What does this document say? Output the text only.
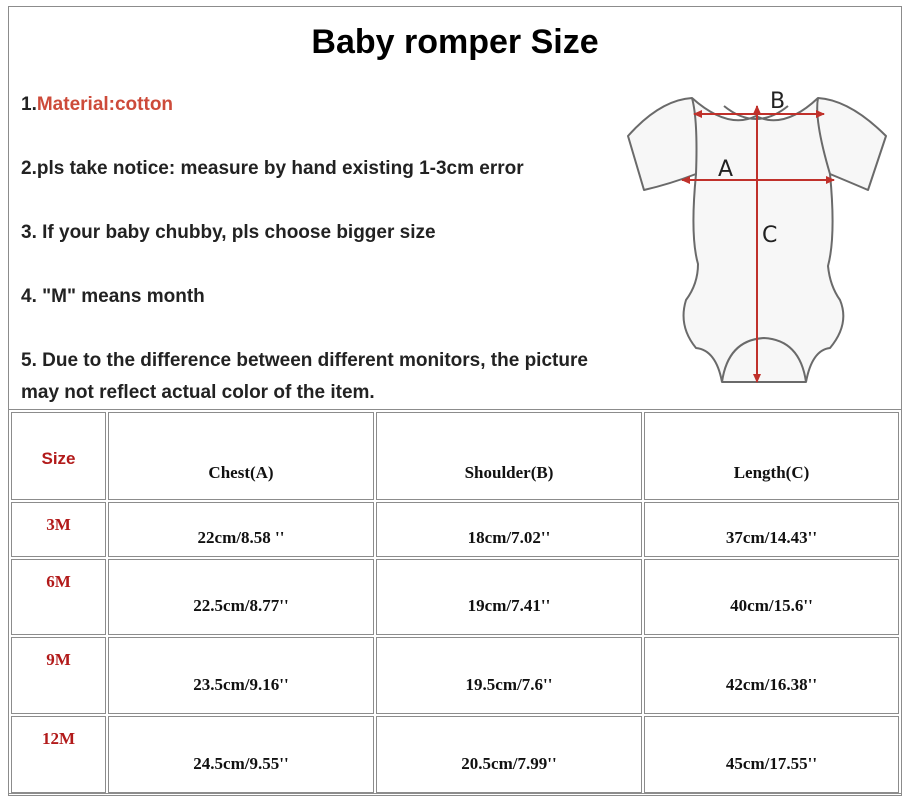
Baby romper Size
1.Material:cotton
2.pls take notice: measure by hand existing 1-3cm error
3. If your baby chubby, pls choose bigger size
4. "M" means month
5. Due to the difference between different monitors, the picture may not reflect actual color of the item.
B
A
C
Size	Chest(A)	Shoulder(B)	Length(C)
3M	22cm/8.58 ''	18cm/7.02''	37cm/14.43''
6M	22.5cm/8.77''	19cm/7.41''	40cm/15.6''
9M	23.5cm/9.16''	19.5cm/7.6''	42cm/16.38''
12M	24.5cm/9.55''	20.5cm/7.99''	45cm/17.55''
